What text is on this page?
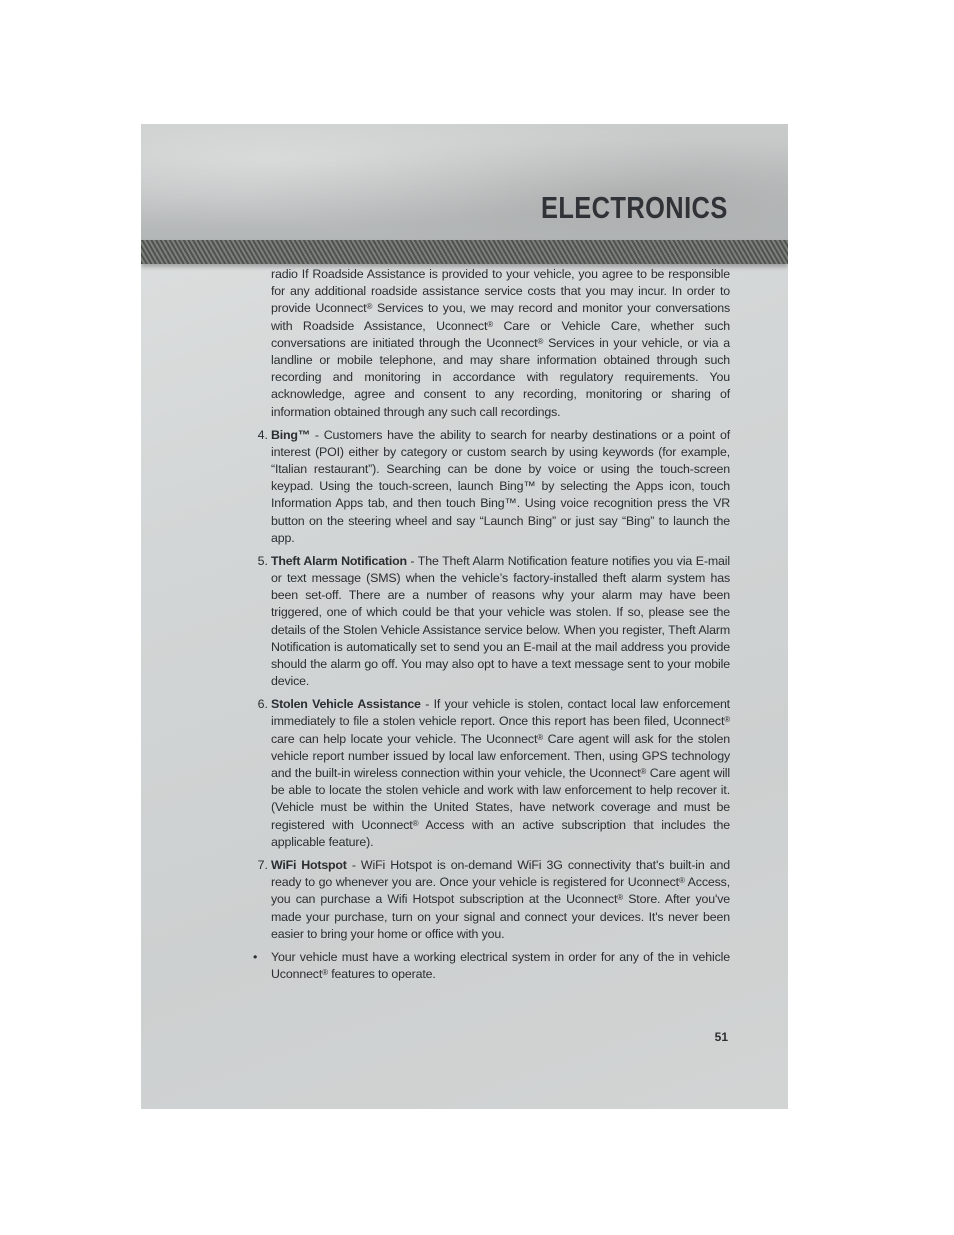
ELECTRONICS

radio If Roadside Assistance is provided to your vehicle, you agree to be responsible for any additional roadside assistance service costs that you may incur. In order to provide Uconnect® Services to you, we may record and monitor your conversations with Roadside Assistance, Uconnect® Care or Vehicle Care, whether such conversations are initiated through the Uconnect® Services in your vehicle, or via a landline or mobile telephone, and may share information obtained through such recording and monitoring in accordance with regulatory requirements. You acknowledge, agree and consent to any recording, monitoring or sharing of information obtained through any such call recordings.

4. Bing™ - Customers have the ability to search for nearby destinations or a point of interest (POI) either by category or custom search by using keywords (for example, “Italian restaurant”). Searching can be done by voice or using the touch-screen keypad. Using the touch-screen, launch Bing™ by selecting the Apps icon, touch Information Apps tab, and then touch Bing™. Using voice recognition press the VR button on the steering wheel and say “Launch Bing” or just say “Bing” to launch the app.
5. Theft Alarm Notification - The Theft Alarm Notification feature notifies you via E-mail or text message (SMS) when the vehicle’s factory-installed theft alarm system has been set-off. There are a number of reasons why your alarm may have been triggered, one of which could be that your vehicle was stolen. If so, please see the details of the Stolen Vehicle Assistance service below. When you register, Theft Alarm Notification is automatically set to send you an E-mail at the mail address you provide should the alarm go off. You may also opt to have a text message sent to your mobile device.
6. Stolen Vehicle Assistance - If your vehicle is stolen, contact local law enforcement immediately to file a stolen vehicle report. Once this report has been filed, Uconnect® care can help locate your vehicle. The Uconnect® Care agent will ask for the stolen vehicle report number issued by local law enforcement. Then, using GPS technology and the built-in wireless connection within your vehicle, the Uconnect® Care agent will be able to locate the stolen vehicle and work with law enforcement to help recover it. (Vehicle must be within the United States, have network coverage and must be registered with Uconnect® Access with an active subscription that includes the applicable feature).
7. WiFi Hotspot - WiFi Hotspot is on-demand WiFi 3G connectivity that's built-in and ready to go whenever you are. Once your vehicle is registered for Uconnect® Access, you can purchase a Wifi Hotspot subscription at the Uconnect® Store. After you've made your purchase, turn on your signal and connect your devices. It's never been easier to bring your home or office with you.
• Your vehicle must have a working electrical system in order for any of the in vehicle Uconnect® features to operate.
51
